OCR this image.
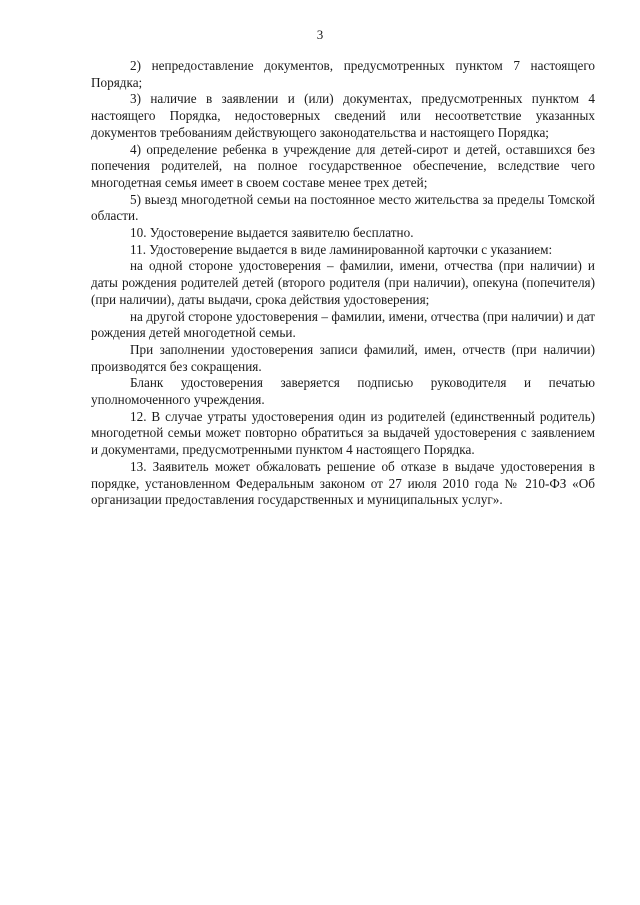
3

2) непредоставление документов, предусмотренных пунктом 7 настоящего Порядка;

3) наличие в заявлении и (или) документах, предусмотренных пунктом 4 настоящего Порядка, недостоверных сведений или несоответствие указанных документов требованиям действующего законодательства и настоящего Порядка;

4) определение ребенка в учреждение для детей-сирот и детей, оставшихся без попечения родителей, на полное государственное обеспечение, вследствие чего многодетная семья имеет в своем составе менее трех детей;

5) выезд многодетной семьи на постоянное место жительства за пределы Томской области.

10. Удостоверение выдается заявителю бесплатно.

11. Удостоверение выдается в виде ламинированной карточки с указанием:

на одной стороне удостоверения – фамилии, имени, отчества (при наличии) и даты рождения родителей детей (второго родителя (при наличии), опекуна (попечителя) (при наличии), даты выдачи, срока действия удостоверения;

на другой стороне удостоверения – фамилии, имени, отчества (при наличии) и дат рождения детей многодетной семьи.

При заполнении удостоверения записи фамилий, имен, отчеств (при наличии) производятся без сокращения.

Бланк удостоверения заверяется подписью руководителя и печатью уполномоченного учреждения.

12. В случае утраты удостоверения один из родителей (единственный родитель) многодетной семьи может повторно обратиться за выдачей удостоверения с заявлением и документами, предусмотренными пунктом 4 настоящего Порядка.

13. Заявитель может обжаловать решение об отказе в выдаче удостоверения в порядке, установленном Федеральным законом от 27 июля 2010 года № 210-ФЗ «Об организации предоставления государственных и муниципальных услуг».
